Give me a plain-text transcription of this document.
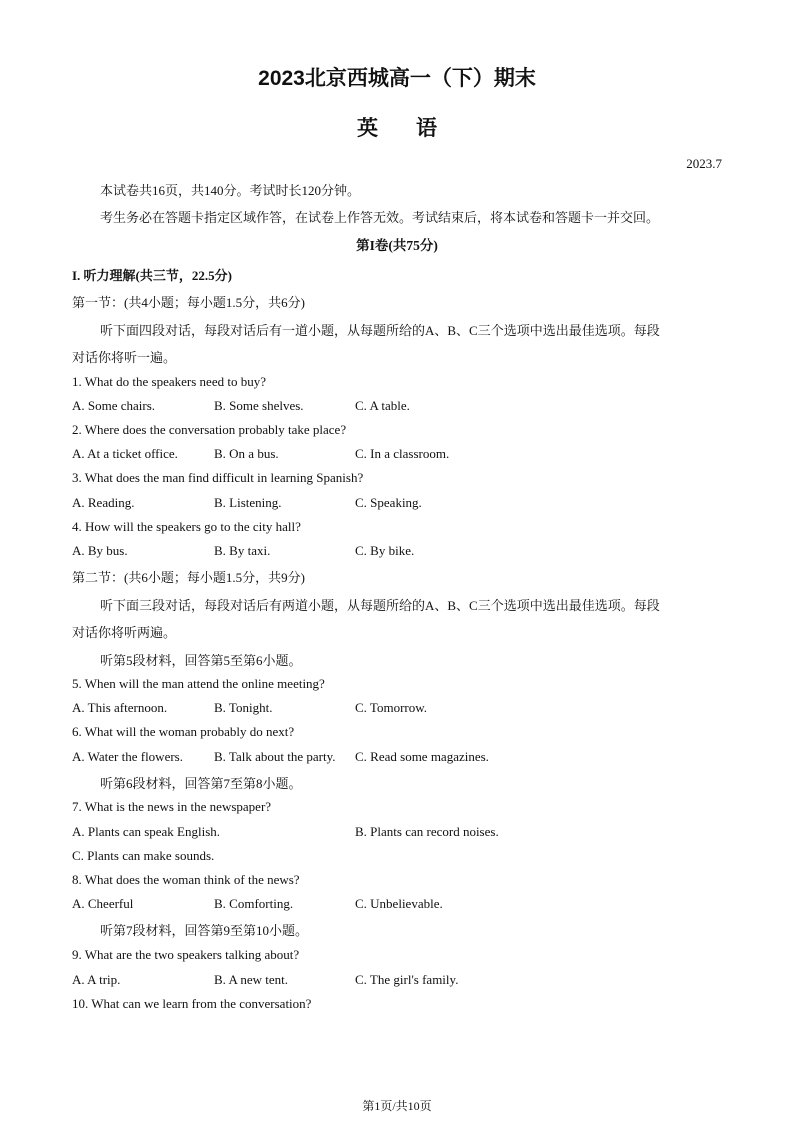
2023北京西城高一（下）期末
英语
2023.7
本试卷共16页，共140分。考试时长120分钟。
考生务必在答题卡指定区域作答，在试卷上作答无效。考试结束后，将本试卷和答题卡一并交回。
第I卷(共75分)
I. 听力理解(共三节，22.5分)
第一节：(共4小题；每小题1.5分，共6分)
听下面四段对话，每段对话后有一道小题，从每题所给的A、B、C三个选项中选出最佳选项。每段
对话你将听一遍。
1. What do the speakers need to buy?
A. Some chairs.	B. Some shelves.	C. A table.
2. Where does the conversation probably take place?
A. At a ticket office.	B. On a bus.	C. In a classroom.
3. What does the man find difficult in learning Spanish?
A. Reading.	B. Listening.	C. Speaking.
4. How will the speakers go to the city hall?
A. By bus.	B. By taxi.	C. By bike.
第二节：(共6小题；每小题1.5分，共9分)
听下面三段对话，每段对话后有两道小题，从每题所给的A、B、C三个选项中选出最佳选项。每段
对话你将听两遍。
听第5段材料，回答第5至第6小题。
5. When will the man attend the online meeting?
A. This afternoon.	B. Tonight.	C. Tomorrow.
6. What will the woman probably do next?
A. Water the flowers. B. Talk about the party. C. Read some magazines.
听第6段材料，回答第7至第8小题。
7. What is the news in the newspaper?
A. Plants can speak English.	B. Plants can record noises.
C. Plants can make sounds.
8. What does the woman think of the news?
A. Cheerful	B. Comforting.	C. Unbelievable.
听第7段材料，回答第9至第10小题。
9. What are the two speakers talking about?
A. A trip.	B. A new tent.	C. The girl's family.
10. What can we learn from the conversation?
第1页/共10页
